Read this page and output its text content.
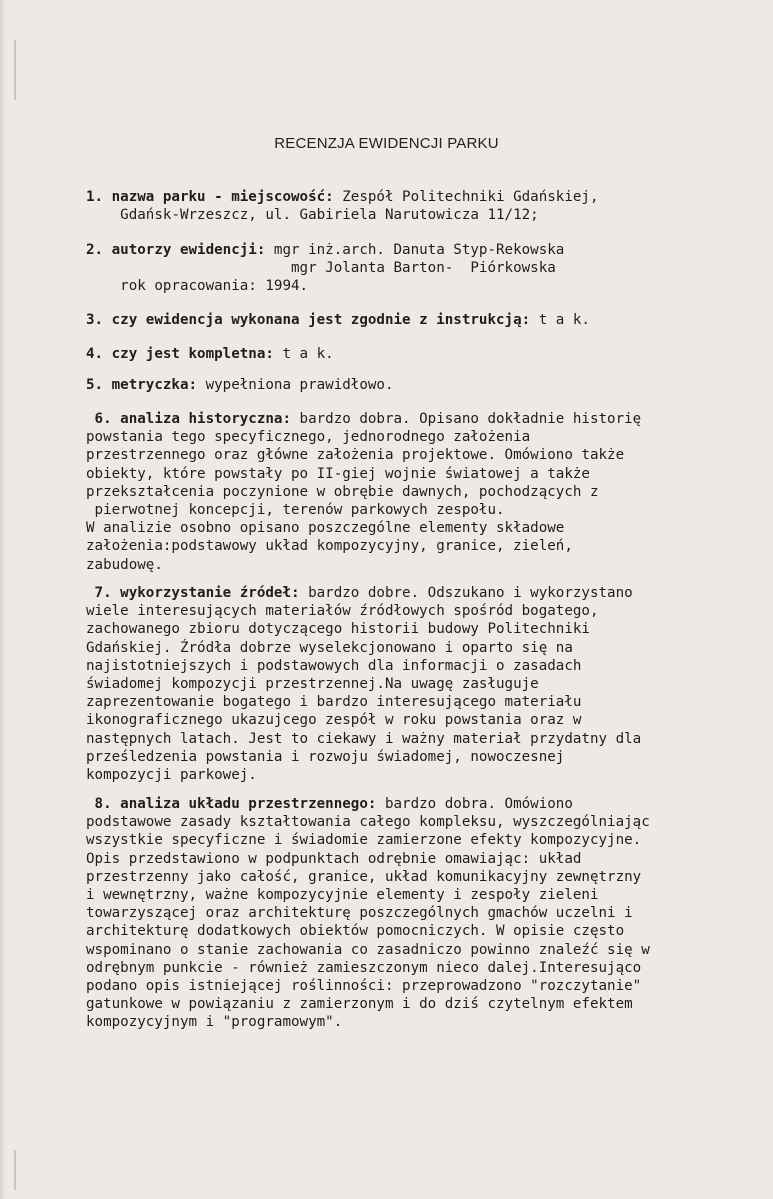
RECENZJA EWIDENCJI PARKU
1. nazwa parku - miejscowość: Zespół Politechniki Gdańskiej,
Gdańsk-Wrzeszcz, ul. Gabiriela Narutowicza 11/12;
2. autorzy ewidencji: mgr inż.arch. Danuta Styp-Rekowska
mgr Jolanta Barton-  Piórkowska
rok opracowania: 1994.
3. czy ewidencja wykonana jest zgodnie z instrukcją: t a k.
4. czy jest kompletna: t a k.
5. metryczka: wypełniona prawidłowo.
6. analiza historyczna: bardzo dobra. Opisano dokładnie historię
powstania tego specyficznego, jednorodnego założenia
przestrzennego oraz główne założenia projektowe. Omówiono także
obiekty, które powstały po II-giej wojnie światowej a także
przekształcenia poczynione w obrębie dawnych, pochodzących z
pierwotnej koncepcji, terenów parkowych zespołu.
W analizie osobno opisano poszczególne elementy składowe
założenia:podstawowy układ kompozycyjny, granice, zieleń,
zabudowę.
7. wykorzystanie źródeł: bardzo dobre. Odszukano i wykorzystano
wiele interesujących materiałów źródłowych spośród bogatego,
zachowanego zbioru dotyczącego historii budowy Politechniki
Gdańskiej. Źródła dobrze wyselekcjonowano i oparto się na
najistotniejszych i podstawowych dla informacji o zasadach
świadomej kompozycji przestrzennej.Na uwagę zasługuje
zaprezentowanie bogatego i bardzo interesującego materiału
ikonograficznego ukazujcego zespół w roku powstania oraz w
następnych latach. Jest to ciekawy i ważny materiał przydatny dla
prześledzenia powstania i rozwoju świadomej, nowoczesnej
kompozycji parkowej.
8. analiza układu przestrzennego: bardzo dobra. Omówiono
podstawowe zasady kształtowania całego kompleksu, wyszczególniając
wszystkie specyficzne i świadomie zamierzone efekty kompozycyjne.
Opis przedstawiono w podpunktach odrębnie omawiając: układ
przestrzenny jako całość, granice, układ komunikacyjny zewnętrzny
i wewnętrzny, ważne kompozycyjnie elementy i zespoły zieleni
towarzyszącej oraz architekturę poszczególnych gmachów uczelni i
architekturę dodatkowych obiektów pomocniczych. W opisie często
wspominano o stanie zachowania co zasadniczo powinno znaleźć się w
odrębnym punkcie - również zamieszczonym nieco dalej.Interesująco
podano opis istniejącej roślinności: przeprowadzono "rozczytanie"
gatunkowe w powiązaniu z zamierzonym i do dziś czytelnym efektem
kompozycyjnym i "programowym".
